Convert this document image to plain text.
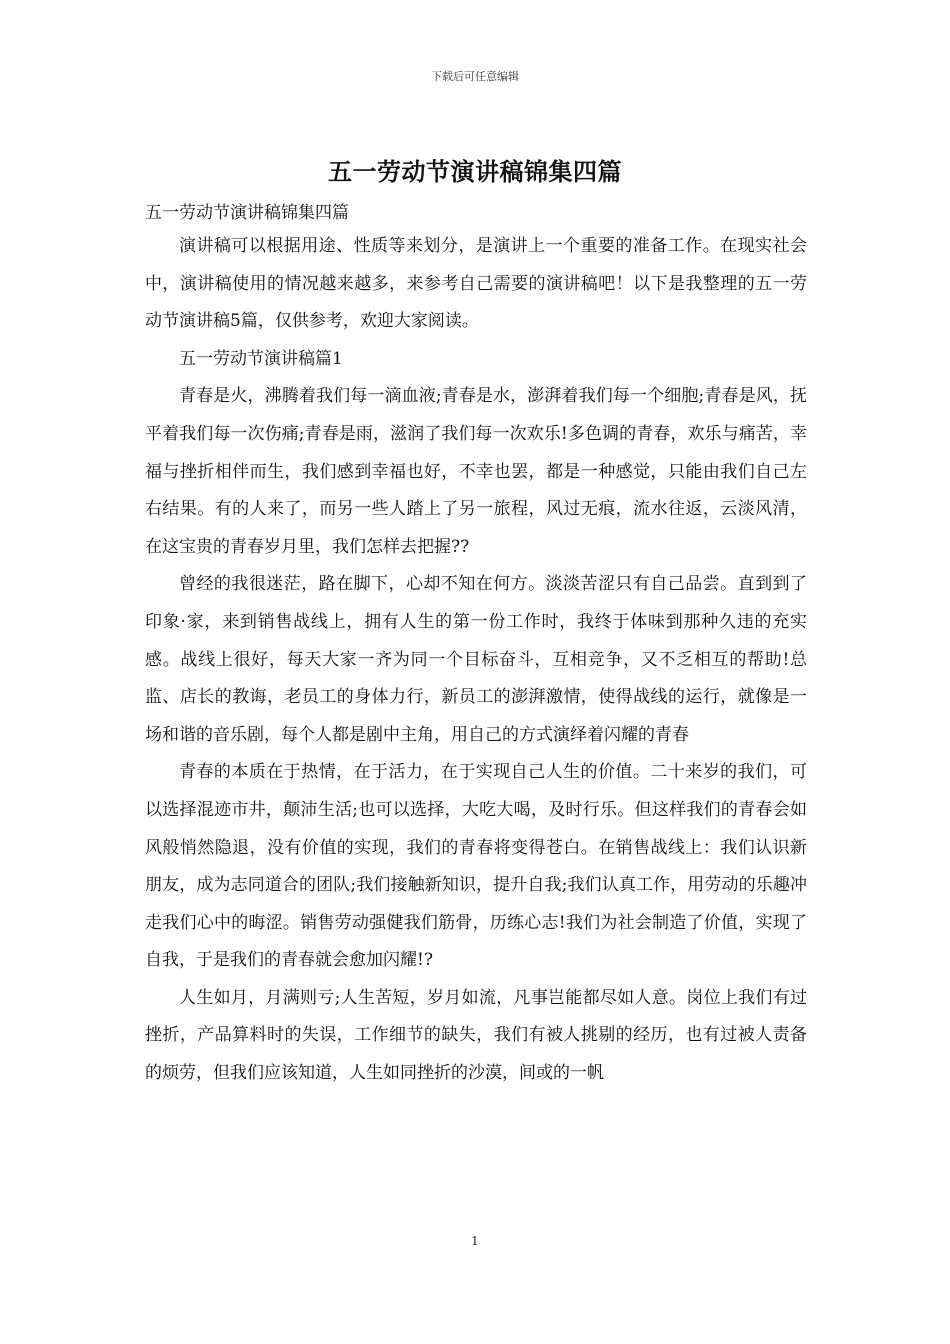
下载后可任意编辑
五一劳动节演讲稿锦集四篇

五一劳动节演讲稿锦集四篇

演讲稿可以根据用途、性质等来划分，是演讲上一个重要的准备工作。在现实社会中，演讲稿使用的情况越来越多，来参考自己需要的演讲稿吧！以下是我整理的五一劳动节演讲稿5篇，仅供参考，欢迎大家阅读。

五一劳动节演讲稿篇1

青春是火，沸腾着我们每一滴血液;青春是水，澎湃着我们每一个细胞;青春是风，抚平着我们每一次伤痛;青春是雨，滋润了我们每一次欢乐!多色调的青春，欢乐与痛苦，幸福与挫折相伴而生，我们感到幸福也好，不幸也罢，都是一种感觉，只能由我们自己左右结果。有的人来了，而另一些人踏上了另一旅程，风过无痕，流水往返，云淡风清，在这宝贵的青春岁月里，我们怎样去把握??

曾经的我很迷茫，路在脚下，心却不知在何方。淡淡苦涩只有自己品尝。直到到了印象·家，来到销售战线上，拥有人生的第一份工作时，我终于体味到那种久违的充实感。战线上很好，每天大家一齐为同一个目标奋斗，互相竞争，又不乏相互的帮助!总监、店长的教诲，老员工的身体力行，新员工的澎湃激情，使得战线的运行，就像是一场和谐的音乐剧，每个人都是剧中主角，用自己的方式演绎着闪耀的青春

青春的本质在于热情，在于活力，在于实现自己人生的价值。二十来岁的我们，可以选择混迹市井，颠沛生活;也可以选择，大吃大喝，及时行乐。但这样我们的青春会如风般悄然隐退，没有价值的实现，我们的青春将变得苍白。在销售战线上：我们认识新朋友，成为志同道合的团队;我们接触新知识，提升自我;我们认真工作，用劳动的乐趣冲走我们心中的晦涩。销售劳动强健我们筋骨，历练心志!我们为社会制造了价值，实现了自我，于是我们的青春就会愈加闪耀!?

人生如月，月满则亏;人生苦短，岁月如流，凡事岂能都尽如人意。岗位上我们有过挫折，产品算料时的失误，工作细节的缺失，我们有被人挑剔的经历，也有过被人责备的烦劳，但我们应该知道，人生如同挫折的沙漠，间或的一帆

1
